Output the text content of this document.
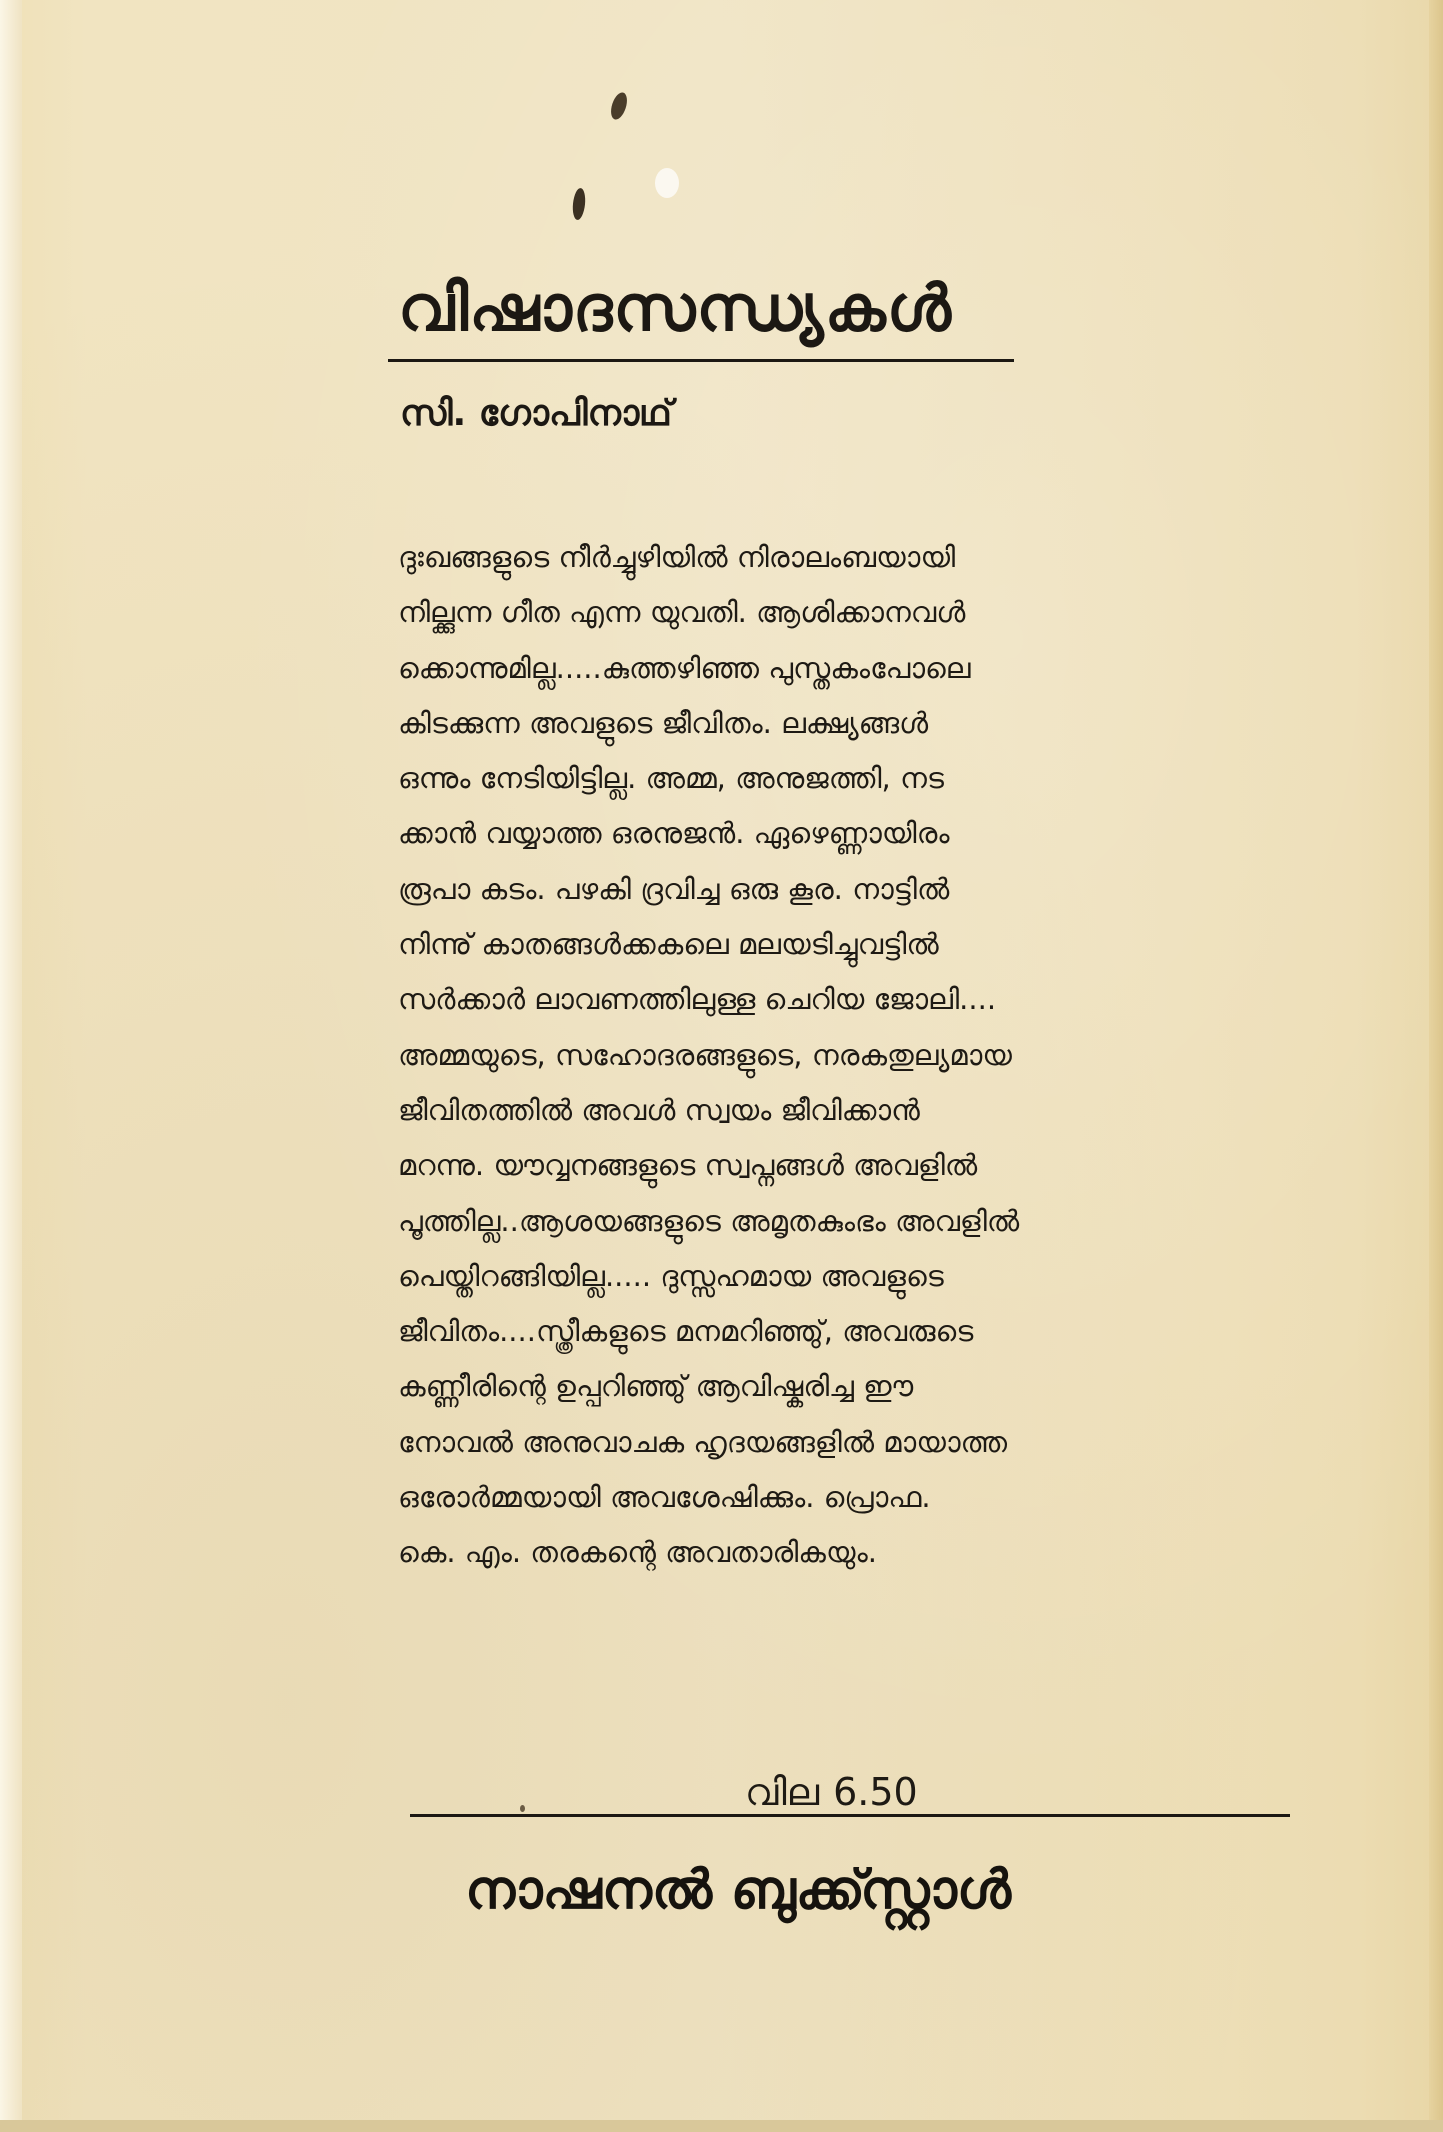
വിഷാദസന്ധ്യകൾ
സി. ഗോപിനാഥ്
ദുഃഖങ്ങളുടെ നീർച്ചുഴിയിൽ നിരാലംബയായി
നില്ക്കുന്ന ഗീത എന്ന യുവതി. ആശിക്കാനവൾ
ക്കൊന്നുമില്ല.....കുത്തഴിഞ്ഞ പുസ്തകംപോലെ
കിടക്കുന്ന അവളുടെ ജീവിതം. ലക്ഷ്യങ്ങൾ
ഒന്നും നേടിയിട്ടില്ല. അമ്മ, അനുജത്തി, നട
ക്കാൻ വയ്യാത്ത ഒരനുജൻ. ഏഴെണ്ണായിരം
രൂപാ കടം. പഴകി ദ്രവിച്ച ഒരു കൂര. നാട്ടിൽ
നിന്നു് കാതങ്ങൾക്കകലെ മലയടിച്ചുവട്ടിൽ
സർക്കാർ ലാവണത്തിലുള്ള ചെറിയ ജോലി....
അമ്മയുടെ, സഹോദരങ്ങളുടെ, നരകതുല്യമായ
ജീവിതത്തിൽ അവൾ സ്വയം ജീവിക്കാൻ
മറന്നു. യൗവ്വനങ്ങളുടെ സ്വപ്നങ്ങൾ അവളിൽ
പൂത്തില്ല..ആശയങ്ങളുടെ അമൃതകുംഭം അവളിൽ
പെയ്തിറങ്ങിയില്ല..... ദുസ്സഹമായ അവളുടെ
ജീവിതം....സ്ത്രീകളുടെ മനമറിഞ്ഞു്, അവരുടെ
കണ്ണീരിന്റെ ഉപ്പറിഞ്ഞു് ആവിഷ്കരിച്ച ഈ
നോവൽ അനുവാചക ഹൃദയങ്ങളിൽ മായാത്ത
ഒരോർമ്മയായി അവശേഷിക്കും. പ്രൊഫ.
കെ. എം. തരകന്റെ അവതാരികയും.
വില 6.50
നാഷനൽ ബുക്ക്സ്റ്റാൾ
